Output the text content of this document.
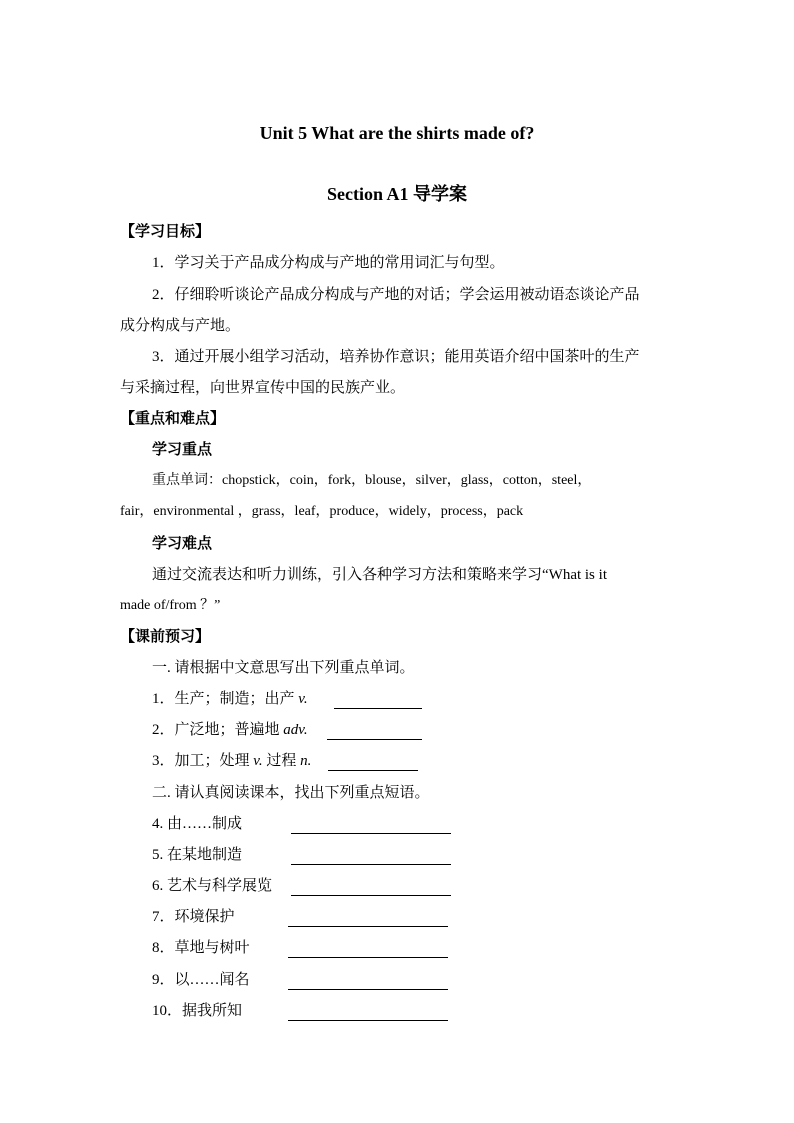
Unit 5 What are the shirts made of?
Section A1 导学案
【学习目标】
1．学习关于产品成分构成与产地的常用词汇与句型。
2．仔细聆听谈论产品成分构成与产地的对话；学会运用被动语态谈论产品
成分构成与产地。
3．通过开展小组学习活动，培养协作意识；能用英语介绍中国茶叶的生产
与采摘过程，向世界宣传中国的民族产业。
【重点和难点】
学习重点
重点单词：chopstick，coin，fork，blouse，silver，glass，cotton，steel，
fair，environmental ，grass，leaf，produce，widely，process，pack
学习难点
通过交流表达和听力训练，引入各种学习方法和策略来学习“What is it
made of/from ？”
【课前预习】
一. 请根据中文意思写出下列重点单词。
1．生产；制造；出产 v.
2．广泛地；普遍地 adv.
3．加工；处理 v. 过程 n.
二. 请认真阅读课本，找出下列重点短语。
4. 由……制成
5. 在某地制造
6. 艺术与科学展览
7．环境保护
8．草地与树叶
9．以……闻名
10．据我所知
